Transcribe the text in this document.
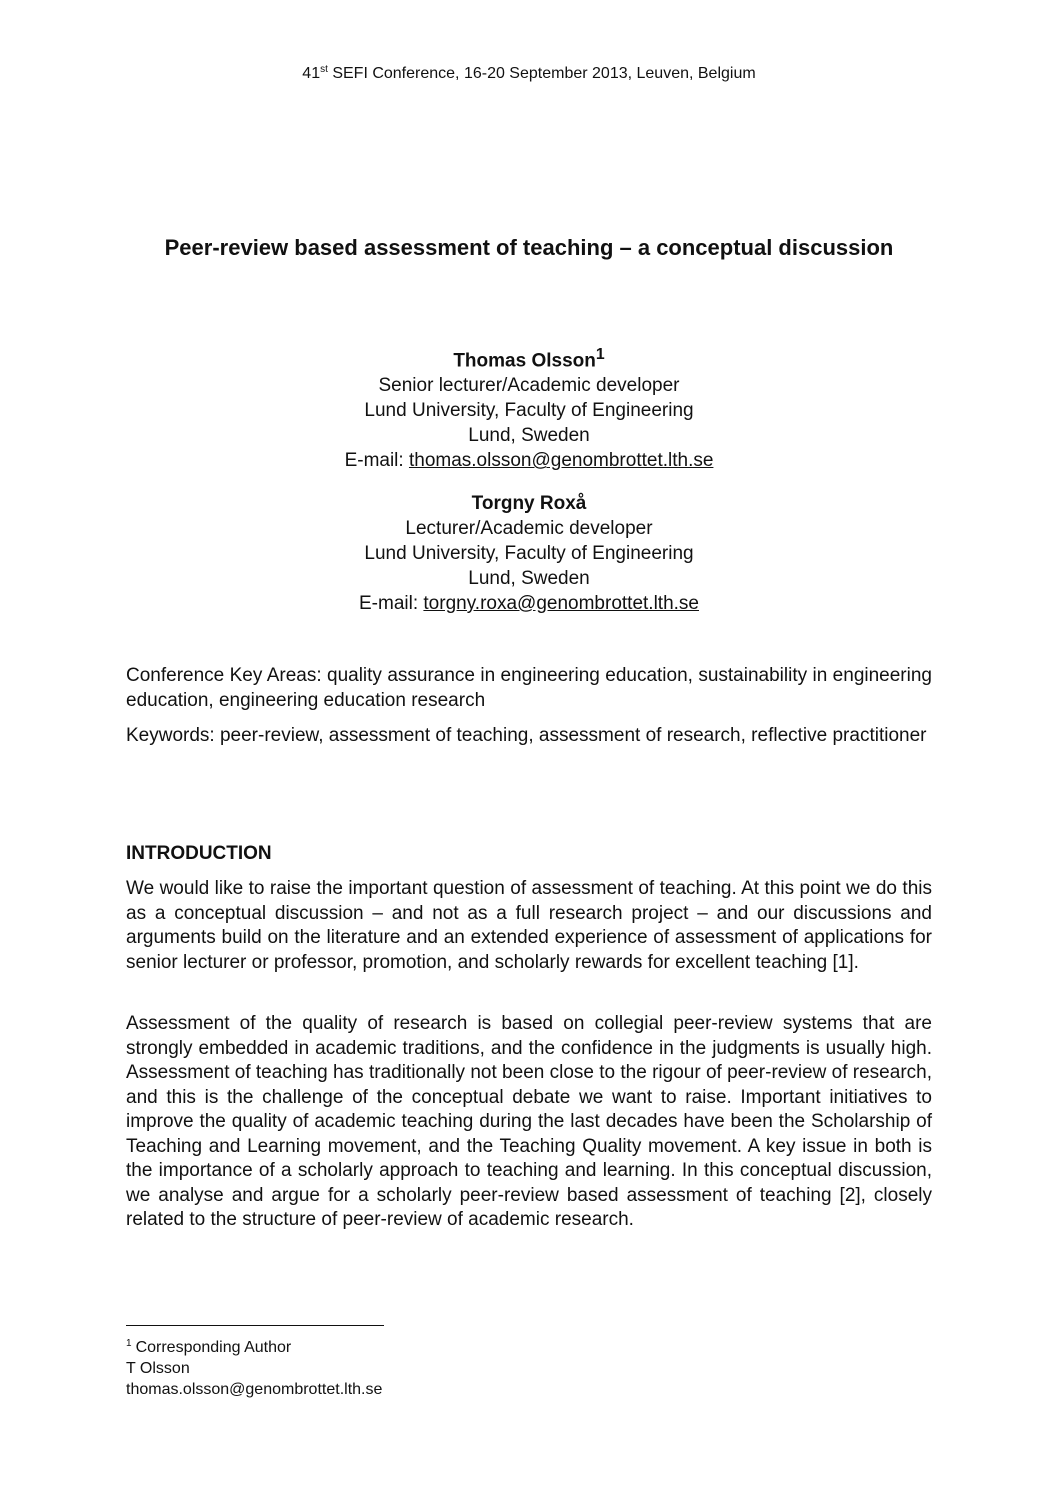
41st SEFI Conference, 16-20 September 2013, Leuven, Belgium
Peer-review based assessment of teaching – a conceptual discussion
Thomas Olsson$^1$
Senior lecturer/Academic developer
Lund University, Faculty of Engineering
Lund, Sweden
E-mail: thomas.olsson@genombrottet.lth.se
Torgny Roxå
Lecturer/Academic developer
Lund University, Faculty of Engineering
Lund, Sweden
E-mail: torgny.roxa@genombrottet.lth.se
Conference Key Areas: quality assurance in engineering education, sustainability in engineering education, engineering education research
Keywords: peer-review, assessment of teaching, assessment of research, reflective practitioner
INTRODUCTION
We would like to raise the important question of assessment of teaching. At this point we do this as a conceptual discussion – and not as a full research project – and our discussions and arguments build on the literature and an extended experience of assessment of applications for senior lecturer or professor, promotion, and scholarly rewards for excellent teaching [1].
Assessment of the quality of research is based on collegial peer-review systems that are strongly embedded in academic traditions, and the confidence in the judgments is usually high. Assessment of teaching has traditionally not been close to the rigour of peer-review of research, and this is the challenge of the conceptual debate we want to raise. Important initiatives to improve the quality of academic teaching during the last decades have been the Scholarship of Teaching and Learning movement, and the Teaching Quality movement. A key issue in both is the importance of a scholarly approach to teaching and learning. In this conceptual discussion, we analyse and argue for a scholarly peer-review based assessment of teaching [2], closely related to the structure of peer-review of academic research.
$^1$ Corresponding Author
T Olsson
thomas.olsson@genombrottet.lth.se
